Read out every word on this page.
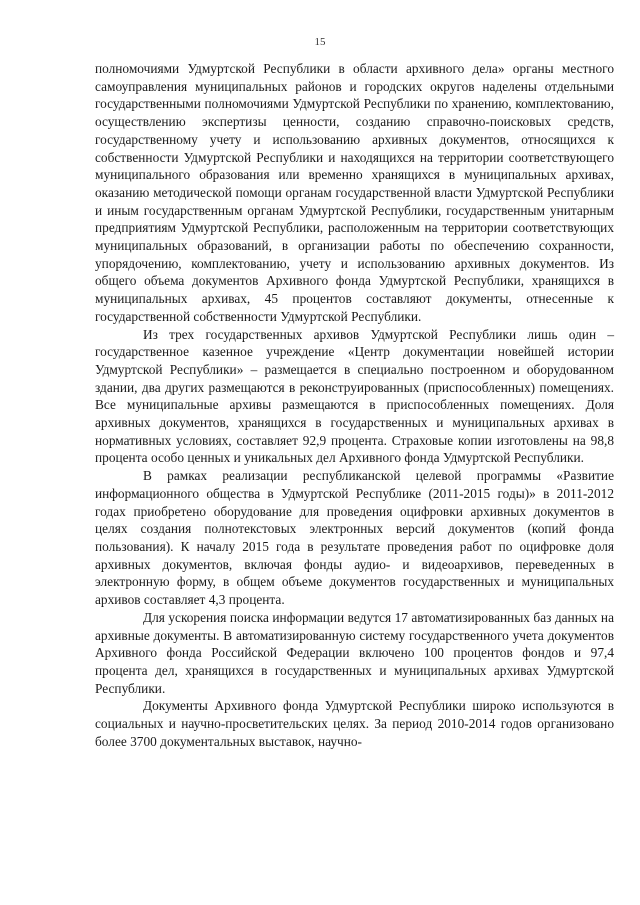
15

полномочиями Удмуртской Республики в области архивного дела» органы местного самоуправления муниципальных районов и городских округов наделены отдельными государственными полномочиями Удмуртской Республики по хранению, комплектованию, осуществлению экспертизы ценности, созданию справочно-поисковых средств, государственному учету и использованию архивных документов, относящихся к собственности Удмуртской Республики и находящихся на территории соответствующего муниципального образования или временно хранящихся в муниципальных архивах, оказанию методической помощи органам государственной власти Удмуртской Республики и иным государственным органам Удмуртской Республики, государственным унитарным предприятиям Удмуртской Республики, расположенным на территории соответствующих муниципальных образований, в организации работы по обеспечению сохранности, упорядочению, комплектованию, учету и использованию архивных документов. Из общего объема документов Архивного фонда Удмуртской Республики, хранящихся в муниципальных архивах, 45 процентов составляют документы, отнесенные к государственной собственности Удмуртской Республики.

Из трех государственных архивов Удмуртской Республики лишь один – государственное казенное учреждение «Центр документации новейшей истории Удмуртской Республики» – размещается в специально построенном и оборудованном здании, два других размещаются в реконструированных (приспособленных) помещениях. Все муниципальные архивы размещаются в приспособленных помещениях. Доля архивных документов, хранящихся в государственных и муниципальных архивах в нормативных условиях, составляет 92,9 процента. Страховые копии изготовлены на 98,8 процента особо ценных и уникальных дел Архивного фонда Удмуртской Республики.

В рамках реализации республиканской целевой программы «Развитие информационного общества в Удмуртской Республике (2011-2015 годы)» в 2011-2012 годах приобретено оборудование для проведения оцифровки архивных документов в целях создания полнотекстовых электронных версий документов (копий фонда пользования). К началу 2015 года в результате проведения работ по оцифровке доля архивных документов, включая фонды аудио- и видеоархивов, переведенных в электронную форму, в общем объеме документов государственных и муниципальных архивов составляет 4,3 процента.

Для ускорения поиска информации ведутся 17 автоматизированных баз данных на архивные документы. В автоматизированную систему государственного учета документов Архивного фонда Российской Федерации включено 100 процентов фондов и 97,4 процента дел, хранящихся в государственных и муниципальных архивах Удмуртской Республики.

Документы Архивного фонда Удмуртской Республики широко используются в социальных и научно-просветительских целях. За период 2010-2014 годов организовано более 3700 документальных выставок, научно-
